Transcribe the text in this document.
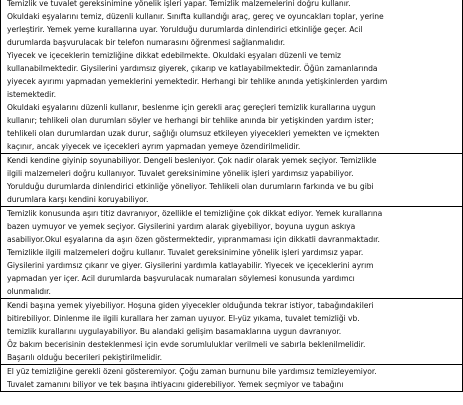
Temizlik ve tuvalet gereksinimine yönelik işleri yapar. Temizlik malzemelerini doğru kullanır.
Okuldaki eşyalarını temiz, düzenli kullanır. Sınıfta kullandığı araç, gereç ve oyuncakları toplar, yerine
yerleştirir. Yemek yeme kurallarına uyar. Yorulduğu durumlarda dinlendirici etkinliğe geçer. Acil
durumlarda başvurulacak bir telefon numarasını öğrenmesi sağlanmalıdır.
Yiyecek ve içeceklerin temizliğine dikkat edebilmekte. Okuldaki eşyaları düzenli ve temiz
kullanabilmektedir. Giysilerini yardımsız giyerek, çıkarıp ve katlayabilmektedir. Öğün zamanlarında
yiyecek ayırımı yapmadan yemeklerini yemektedir. Herhangi bir tehlike anında yetişkinlerden yardım
istemektedir.
Okuldaki eşyalarını düzenli kullanır, beslenme için gerekli araç gereçleri temizlik kurallarına uygun
kullanır; tehlikeli olan durumları söyler ve herhangi bir tehlike anında bir yetişkinden yardım ister;
tehlikeli olan durumlardan uzak durur, sağlığı olumsuz etkileyen yiyecekleri yemekten ve içmekten
kaçınır, ancak yiyecek ve içecekleri ayrım yapmadan yemeye özendirilmelidir.
Kendi kendine giyinip soyunabiliyor. Dengeli besleniyor. Çok nadir olarak yemek seçiyor. Temizlikle
ilgili malzemeleri doğru kullanıyor. Tuvalet gereksinimine yönelik işleri yardımsız yapabiliyor.
Yorulduğu durumlarda dinlendirici etkinliğe yöneliyor. Tehlikeli olan durumların farkında ve bu gibi
durumlara karşı kendini koruyabiliyor.
Temizlik konusunda aşırı titiz davranıyor, özellikle el temizliğine çok dikkat ediyor. Yemek kurallarına
bazen uymuyor ve yemek seçiyor. Giysilerini yardım alarak giyebiliyor, boyuna uygun askıya
asabiliyor.Okul eşyalarına da aşırı özen göstermektedir, yıpranmaması için dikkatli davranmaktadır.
Temizlikle ilgili malzemeleri doğru kullanır. Tuvalet gereksinimine yönelik işleri yardımsız yapar.
Giysilerini yardımsız çıkarır ve giyer. Giysilerini yardımla katlayabilir. Yiyecek ve içeceklerini ayrım
yapmadan yer içer. Acil durumlarda başvurulacak numaraları söylemesi konusunda yardımcı
olunmalıdır.
Kendi başına yemek yiyebiliyor. Hoşuna giden yiyecekler olduğunda tekrar istiyor, tabağındakileri
bitirebiliyor. Dinlenme ile ilgili kurallara her zaman uyuyor. El-yüz yıkama, tuvalet temizliği vb.
temizlik kurallarını uygulayabiliyor. Bu alandaki gelişim basamaklarına uygun davranıyor.
Öz bakım becerisinin desteklenmesi için evde sorumluluklar verilmeli ve sabırla beklenilmelidir.
Başarılı olduğu becerileri pekiştirilmelidir.
El yüz temizliğine gerekli özeni gösteremiyor. Çoğu zaman burnunu bile yardımsız temizleyemiyor.
Tuvalet zamanını biliyor ve tek başına ihtiyacını giderebiliyor. Yemek seçmiyor ve tabağını
